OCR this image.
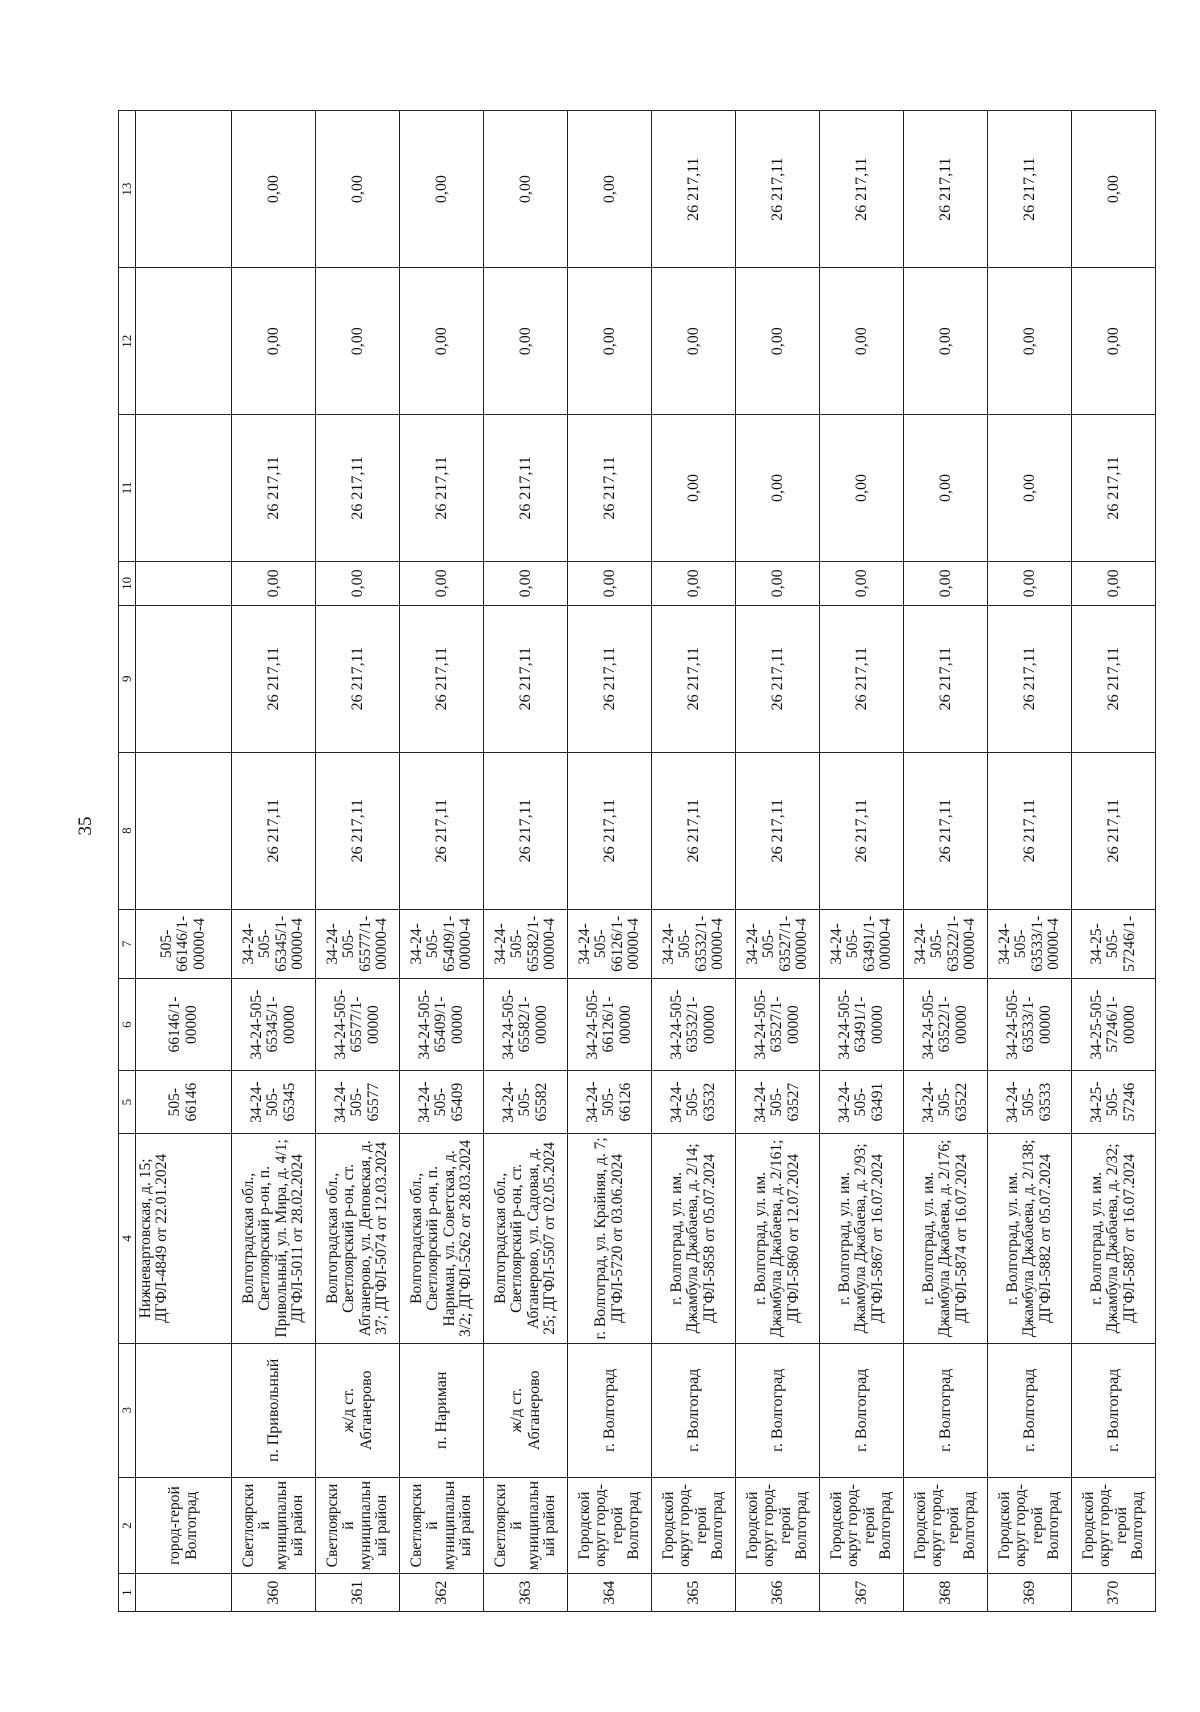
35
1	2	3	4	5	6	7	8	9	10	11	12	13
	город-герой Волгоград		Нижневартовская, д. 15; ДГФЛ-4849 от 22.01.2024	505-66146	66146/1-00000	505-66146/1-00000-4						
360	Светлоярский муниципальный район	п. Привольный	Волгоградская обл., Светлоярский р-он, п. Привольный, ул. Мира, д. 4/1; ДГФЛ-5011 от 28.02.2024	34-24-505-65345	34-24-505-65345/1-00000	34-24-505-65345/1-00000-4	26 217,11	26 217,11	0,00	26 217,11	0,00	0,00
361	Светлоярский муниципальный район	ж/д ст. Абганерово	Волгоградская обл., Светлоярский р-он, ст. Абганерово, ул. Деповская, д. 37; ДГФЛ-5074 от 12.03.2024	34-24-505-65577	34-24-505-65577/1-00000	34-24-505-65577/1-00000-4	26 217,11	26 217,11	0,00	26 217,11	0,00	0,00
362	Светлоярский муниципальный район	п. Нариман	Волгоградская обл., Светлоярский р-он, п. Нариман, ул. Советская, д. 3/2; ДГФЛ-5262 от 28.03.2024	34-24-505-65409	34-24-505-65409/1-00000	34-24-505-65409/1-00000-4	26 217,11	26 217,11	0,00	26 217,11	0,00	0,00
363	Светлоярский муниципальный район	ж/д ст. Абганерово	Волгоградская обл., Светлоярский р-он, ст. Абганерово, ул. Садовая, д. 25; ДГФЛ-5507 от 02.05.2024	34-24-505-65582	34-24-505-65582/1-00000	34-24-505-65582/1-00000-4	26 217,11	26 217,11	0,00	26 217,11	0,00	0,00
364	Городской округ город-герой Волгоград	г. Волгоград	г. Волгоград, ул. Крайняя, д. 7; ДГФЛ-5720 от 03.06.2024	34-24-505-66126	34-24-505-66126/1-00000	34-24-505-66126/1-00000-4	26 217,11	26 217,11	0,00	26 217,11	0,00	0,00
365	Городской округ город-герой Волгоград	г. Волгоград	г. Волгоград, ул. им. Джамбула Джабаева, д. 2/14; ДГФЛ-5858 от 05.07.2024	34-24-505-63532	34-24-505-63532/1-00000	34-24-505-63532/1-00000-4	26 217,11	26 217,11	0,00	0,00	0,00	26 217,11
366	Городской округ город-герой Волгоград	г. Волгоград	г. Волгоград, ул. им. Джамбула Джабаева, д. 2/161; ДГФЛ-5860 от 12.07.2024	34-24-505-63527	34-24-505-63527/1-00000	34-24-505-63527/1-00000-4	26 217,11	26 217,11	0,00	0,00	0,00	26 217,11
367	Городской округ город-герой Волгоград	г. Волгоград	г. Волгоград, ул. им. Джамбула Джабаева, д. 2/93; ДГФЛ-5867 от 16.07.2024	34-24-505-63491	34-24-505-63491/1-00000	34-24-505-63491/1-00000-4	26 217,11	26 217,11	0,00	0,00	0,00	26 217,11
368	Городской округ город-герой Волгоград	г. Волгоград	г. Волгоград, ул. им. Джамбула Джабаева, д. 2/176; ДГФЛ-5874 от 16.07.2024	34-24-505-63522	34-24-505-63522/1-00000	34-24-505-63522/1-00000-4	26 217,11	26 217,11	0,00	0,00	0,00	26 217,11
369	Городской округ город-герой Волгоград	г. Волгоград	г. Волгоград, ул. им. Джамбула Джабаева, д. 2/138; ДГФЛ-5882 от 05.07.2024	34-24-505-63533	34-24-505-63533/1-00000	34-24-505-63533/1-00000-4	26 217,11	26 217,11	0,00	0,00	0,00	26 217,11
370	Городской округ город-герой Волгоград	г. Волгоград	г. Волгоград, ул. им. Джамбула Джабаева, д. 2/32; ДГФЛ-5887 от 16.07.2024	34-25-505-57246	34-25-505-57246/1-00000	34-25-505-57246/1-	26 217,11	26 217,11	0,00	26 217,11	0,00	0,00
